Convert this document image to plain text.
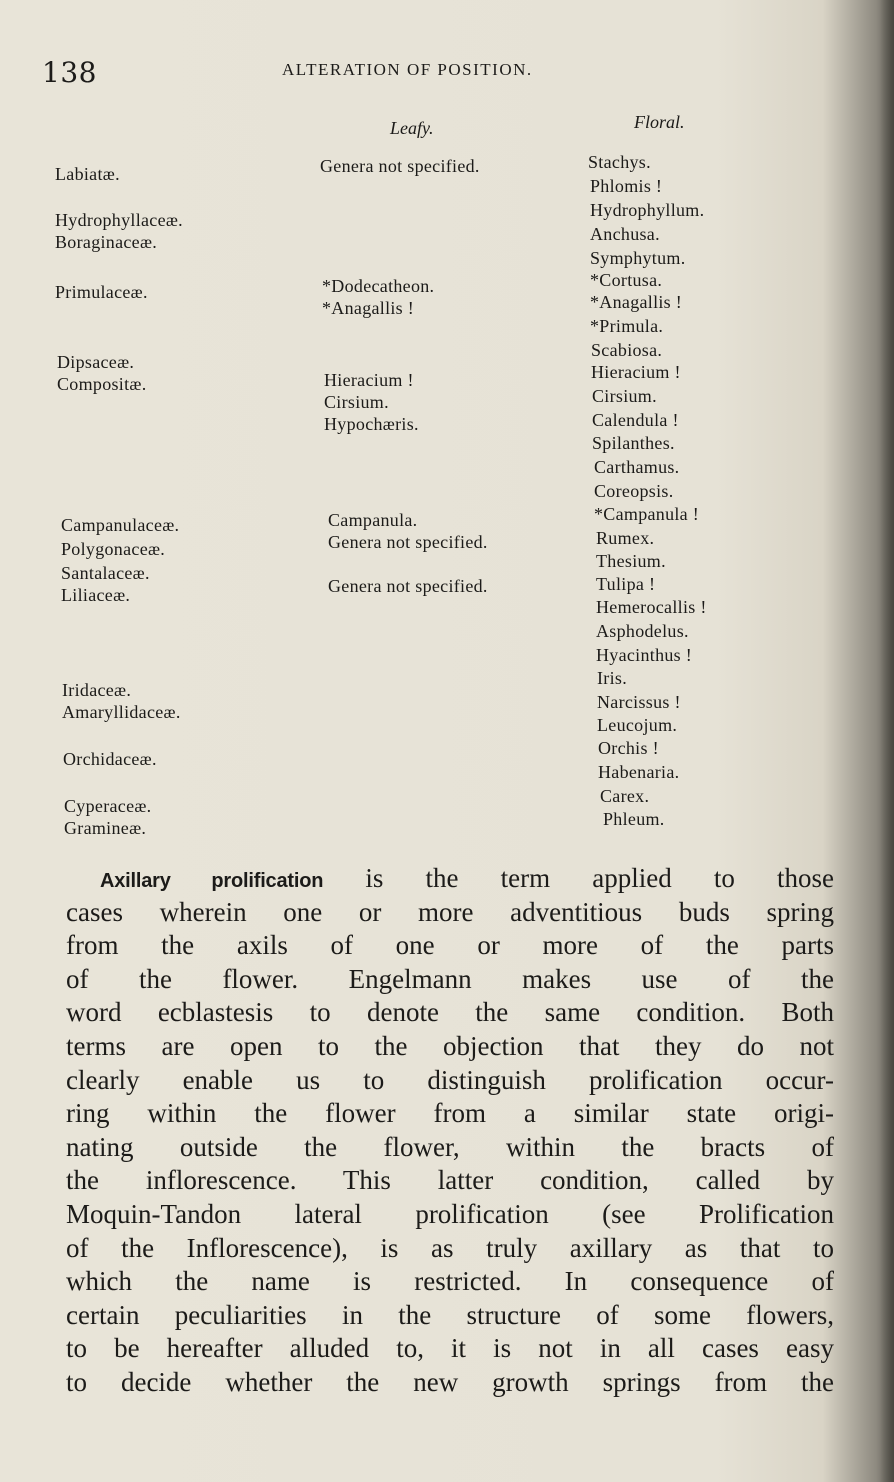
138	ALTERATION OF POSITION.
Leafy.	Floral.
Labiatæ.
Hydrophyllaceæ.
Boraginaceæ.
Primulaceæ.
Dipsaceæ.
Compositæ.
Campanulaceæ.
Polygonaceæ.
Santalaceæ.
Liliaceæ.
Iridaceæ.
Amaryllidaceæ.
Orchidaceæ.
Cyperaceæ.
Gramineæ.
Genera not specified.
*Dodecatheon.
*Anagallis !
Hieracium !
Cirsium.
Hypochæris.
Campanula.
Genera not specified.
Genera not specified.
Stachys.
Phlomis !
Hydrophyllum.
Anchusa.
Symphytum.
*Cortusa.
*Anagallis !
*Primula.
Scabiosa.
Hieracium !
Cirsium.
Calendula !
Spilanthes.
Carthamus.
Coreopsis.
*Campanula !
Rumex.
Thesium.
Tulipa !
Hemerocallis !
Asphodelus.
Hyacinthus !
Iris.
Narcissus !
Leucojum.
Orchis !
Habenaria.
Carex.
Phleum.
Axillary prolification is the term applied to those
cases wherein one or more adventitious buds spring
from the axils of one or more of the parts
of the flower. Engelmann makes use of the
word ecblastesis to denote the same condition. Both
terms are open to the objection that they do not
clearly enable us to distinguish prolification occur-
ring within the flower from a similar state origi-
nating outside the flower, within the bracts of
the inflorescence. This latter condition, called by
Moquin-Tandon lateral prolification (see Prolification
of the Inflorescence), is as truly axillary as that to
which the name is restricted. In consequence of
certain peculiarities in the structure of some flowers,
to be hereafter alluded to, it is not in all cases easy
to decide whether the new growth springs from the
